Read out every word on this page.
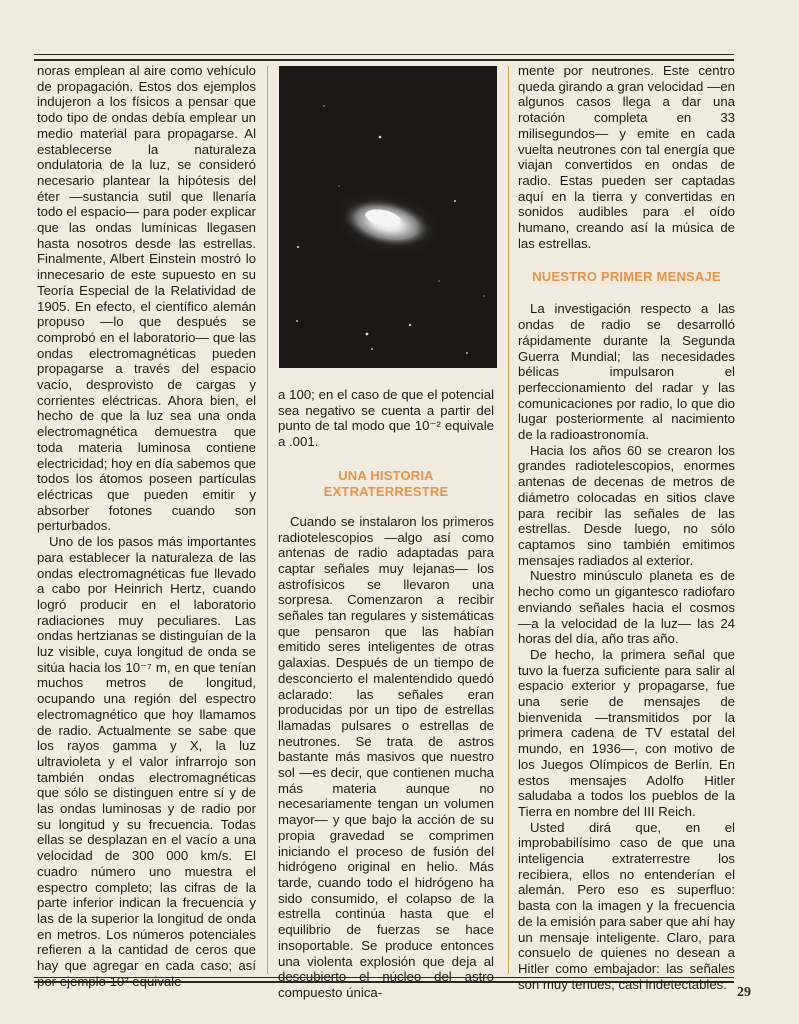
noras emplean al aire como vehículo de propagación. Estos dos ejemplos indujeron a los físicos a pensar que todo tipo de ondas debía emplear un medio material para propagarse. Al establecerse la naturaleza ondulatoria de la luz, se consideró necesario plantear la hipótesis del éter —sustancia sutil que llenaría todo el espacio— para poder explicar que las ondas lumínicas llegasen hasta nosotros desde las estrellas. Finalmente, Albert Einstein mostró lo innecesario de este supuesto en su Teoría Especial de la Relatividad de 1905. En efecto, el científico alemán propuso —lo que después se comprobó en el laboratorio— que las ondas electromagnéticas pueden propagarse a través del espacio vacío, desprovisto de cargas y corrientes eléctricas. Ahora bien, el hecho de que la luz sea una onda electromagnética demuestra que toda materia luminosa contiene electricidad; hoy en día sabemos que todos los átomos poseen partículas eléctricas que pueden emitir y absorber fotones cuando son perturbados.

Uno de los pasos más importantes para establecer la naturaleza de las ondas electromagnéticas fue llevado a cabo por Heinrich Hertz, cuando logró producir en el laboratorio radiaciones muy peculiares. Las ondas hertzianas se distinguían de la luz visible, cuya longitud de onda se sitúa hacia los 10⁻⁷ m, en que tenían muchos metros de longitud, ocupando una región del espectro electromagnético que hoy llamamos de radio. Actualmente se sabe que los rayos gamma y X, la luz ultravioleta y el valor infrarrojo son también ondas electromagnéticas que sólo se distinguen entre sí y de las ondas luminosas y de radio por su longitud y su frecuencia. Todas ellas se desplazan en el vacío a una velocidad de 300 000 km/s. El cuadro número uno muestra el espectro completo; las cifras de la parte inferior indican la frecuencia y las de la superior la longitud de onda en metros. Los números potenciales refieren a la cantidad de ceros que hay que agregar en cada caso; así por ejemplo 10² equivale

a 100; en el caso de que el potencial sea negativo se cuenta a partir del punto de tal modo que 10⁻² equivale a .001.

UNA HISTORIA
EXTRATERRESTRE

Cuando se instalaron los primeros radiotelescopios —algo así como antenas de radio adaptadas para captar señales muy lejanas— los astrofísicos se llevaron una sorpresa. Comenzaron a recibir señales tan regulares y sistemáticas que pensaron que las habían emitido seres inteligentes de otras galaxias. Después de un tiempo de desconcierto el malentendido quedó aclarado: las señales eran producidas por un tipo de estrellas llamadas pulsares o estrellas de neutrones. Se trata de astros bastante más masivos que nuestro sol —es decir, que contienen mucha más materia aunque no necesariamente tengan un volumen mayor— y que bajo la acción de su propia gravedad se comprimen iniciando el proceso de fusión del hidrógeno original en helio. Más tarde, cuando todo el hidrógeno ha sido consumido, el colapso de la estrella continúa hasta que el equilibrio de fuerzas se hace insoportable. Se produce entonces una violenta explosión que deja al descubierto el núcleo del astro compuesto única-

mente por neutrones. Este centro queda girando a gran velocidad —en algunos casos llega a dar una rotación completa en 33 milisegundos— y emite en cada vuelta neutrones con tal energía que viajan convertidos en ondas de radio. Estas pueden ser captadas aquí en la tierra y convertidas en sonidos audibles para el oído humano, creando así la música de las estrellas.

NUESTRO PRIMER MENSAJE

La investigación respecto a las ondas de radio se desarrolló rápidamente durante la Segunda Guerra Mundial; las necesidades bélicas impulsaron el perfeccionamiento del radar y las comunicaciones por radio, lo que dio lugar posteriormente al nacimiento de la radioastronomía.

Hacia los años 60 se crearon los grandes radiotelescopios, enormes antenas de decenas de metros de diámetro colocadas en sitios clave para recibir las señales de las estrellas. Desde luego, no sólo captamos sino también emitimos mensajes radiados al exterior.

Nuestro minúsculo planeta es de hecho como un gigantesco radiofaro enviando señales hacia el cosmos —a la velocidad de la luz— las 24 horas del día, año tras año.

De hecho, la primera señal que tuvo la fuerza suficiente para salir al espacio exterior y propagarse, fue una serie de mensajes de bienvenida —transmitidos por la primera cadena de TV estatal del mundo, en 1936—, con motivo de los Juegos Olímpicos de Berlín. En estos mensajes Adolfo Hitler saludaba a todos los pueblos de la Tierra en nombre del III Reich.

Usted dirá que, en el improbabilísimo caso de que una inteligencia extraterrestre los recibiera, ellos no entenderían el alemán. Pero eso es superfluo: basta con la imagen y la frecuencia de la emisión para saber que ahí hay un mensaje inteligente. Claro, para consuelo de quienes no desean a Hitler como embajador: las señales son muy tenues, casi indetectables.

29
